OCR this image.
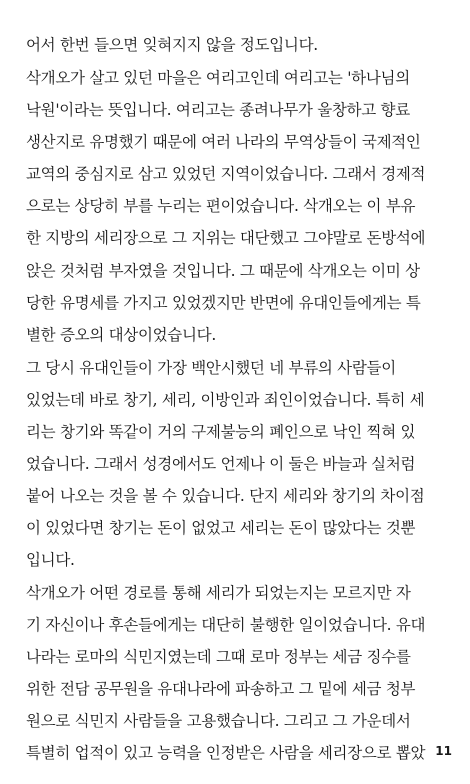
어서 한번 들으면 잊혀지지 않을 정도입니다.
삭개오가 살고 있던 마을은 여리고인데 여리고는 '하나님의
낙원'이라는 뜻입니다. 여리고는 종려나무가 울창하고 향료
생산지로 유명했기 때문에 여러 나라의 무역상들이 국제적인
교역의 중심지로 삼고 있었던 지역이었습니다. 그래서 경제적
으로는 상당히 부를 누리는 편이었습니다. 삭개오는 이 부유
한 지방의 세리장으로 그 지위는 대단했고 그야말로 돈방석에
앉은 것처럼 부자였을 것입니다. 그 때문에 삭개오는 이미 상
당한 유명세를 가지고 있었겠지만 반면에 유대인들에게는 특
별한 증오의 대상이었습니다.
그 당시 유대인들이 가장 백안시했던 네 부류의 사람들이
있었는데 바로 창기, 세리, 이방인과 죄인이었습니다. 특히 세
리는 창기와 똑같이 거의 구제불능의 폐인으로 낙인 찍혀 있
었습니다. 그래서 성경에서도 언제나 이 둘은 바늘과 실처럼
붙어 나오는 것을 볼 수 있습니다. 단지 세리와 창기의 차이점
이 있었다면 창기는 돈이 없었고 세리는 돈이 많았다는 것뿐
입니다.
삭개오가 어떤 경로를 통해 세리가 되었는지는 모르지만 자
기 자신이나 후손들에게는 대단히 불행한 일이었습니다. 유대
나라는 로마의 식민지였는데 그때 로마 정부는 세금 징수를
위한 전담 공무원을 유대나라에 파송하고 그 밑에 세금 청부
원으로 식민지 사람들을 고용했습니다. 그리고 그 가운데서
특별히 업적이 있고 능력을 인정받은 사람을 세리장으로 뽑았 11
